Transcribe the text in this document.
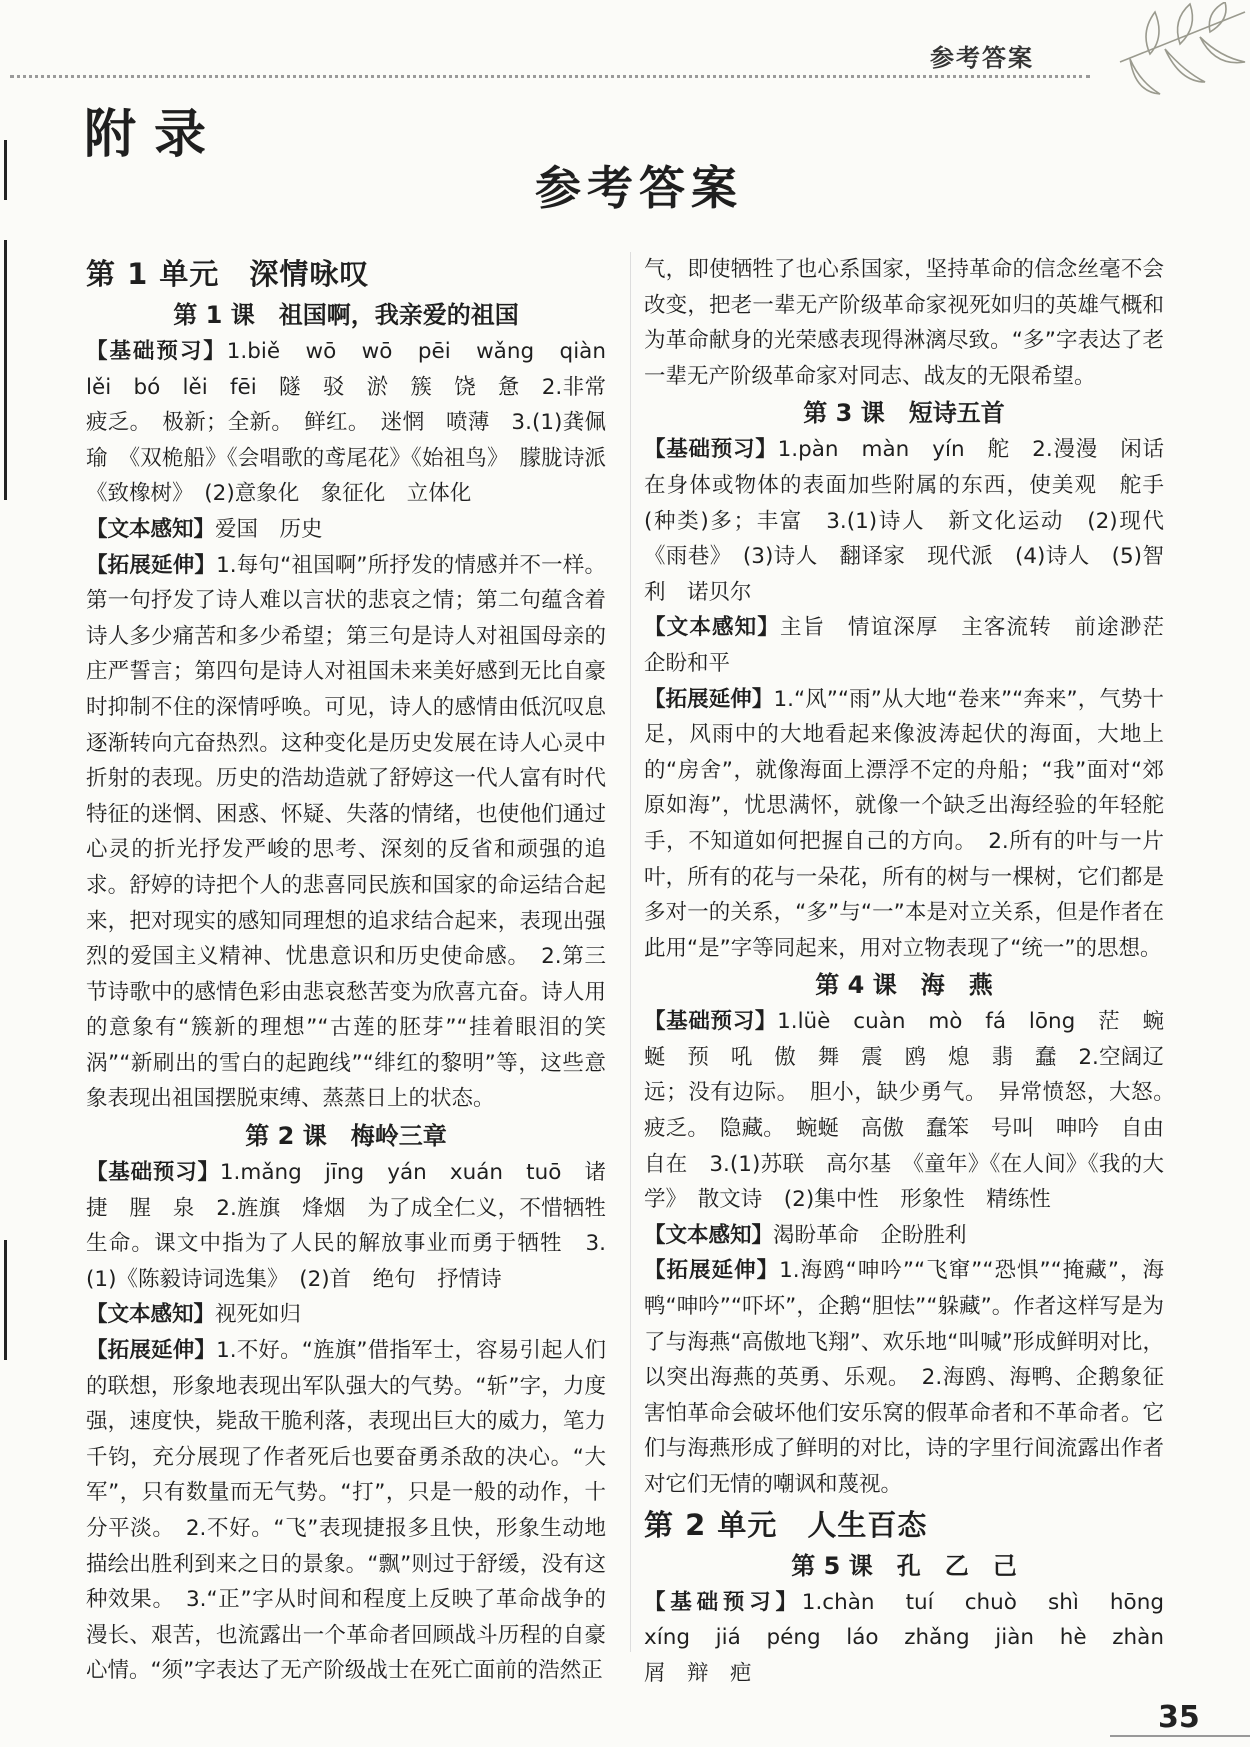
参考答案
附录
参考答案
第 1 单元　深情咏叹
第 1 课　祖国啊，我亲爱的祖国

【基础预习】1.biě　wō　wō　pēi　wǎng　qiàn　lěi　bó　lěi　fēi　隧　驳　淤　簇　饶　惫　2.非常疲乏。　极新；全新。　鲜红。　迷惘　喷薄　3.(1)龚佩瑜　《双桅船》《会唱歌的鸢尾花》《始祖鸟》　朦胧诗派　《致橡树》　(2)意象化　象征化　立体化

【文本感知】爱国　历史

【拓展延伸】1.每句“祖国啊”所抒发的情感并不一样。第一句抒发了诗人难以言状的悲哀之情；第二句蕴含着诗人多少痛苦和多少希望；第三句是诗人对祖国母亲的庄严誓言；第四句是诗人对祖国未来美好感到无比自豪时抑制不住的深情呼唤。可见，诗人的感情由低沉叹息逐渐转向亢奋热烈。这种变化是历史发展在诗人心灵中折射的表现。历史的浩劫造就了舒婷这一代人富有时代特征的迷惘、困惑、怀疑、失落的情绪，也使他们通过心灵的折光抒发严峻的思考、深刻的反省和顽强的追求。舒婷的诗把个人的悲喜同民族和国家的命运结合起来，把对现实的感知同理想的追求结合起来，表现出强烈的爱国主义精神、忧患意识和历史使命感。　2.第三节诗歌中的感情色彩由悲哀愁苦变为欣喜亢奋。诗人用的意象有“簇新的理想”“古莲的胚芽”“挂着眼泪的笑涡”“新刷出的雪白的起跑线”“绯红的黎明”等，这些意象表现出祖国摆脱束缚、蒸蒸日上的状态。

第 2 课　梅岭三章

【基础预习】1.mǎng　jīng　yán　xuán　tuō　诸　捷　腥　泉　2.旌旗　烽烟　为了成全仁义，不惜牺牲生命。课文中指为了人民的解放事业而勇于牺牲　3.(1)《陈毅诗词选集》　(2)首　绝句　抒情诗

【文本感知】视死如归

【拓展延伸】1.不好。“旌旗”借指军士，容易引起人们的联想，形象地表现出军队强大的气势。“斩”字，力度强，速度快，毙敌干脆利落，表现出巨大的威力，笔力千钧，充分展现了作者死后也要奋勇杀敌的决心。“大军”，只有数量而无气势。“打”，只是一般的动作，十分平淡。　2.不好。“飞”表现捷报多且快，形象生动地描绘出胜利到来之日的景象。“飘”则过于舒缓，没有这种效果。　3.“正”字从时间和程度上反映了革命战争的漫长、艰苦，也流露出一个革命者回顾战斗历程的自豪心情。“须”字表达了无产阶级战士在死亡面前的浩然正

气，即使牺牲了也心系国家，坚持革命的信念丝毫不会改变，把老一辈无产阶级革命家视死如归的英雄气概和为革命献身的光荣感表现得淋漓尽致。“多”字表达了老一辈无产阶级革命家对同志、战友的无限希望。

第 3 课　短诗五首

【基础预习】1.pàn　màn　yín　舵　2.漫漫　闲话　在身体或物体的表面加些附属的东西，使美观　舵手　(种类)多；丰富　3.(1)诗人　新文化运动　(2)现代《雨巷》　(3)诗人　翻译家　现代派　(4)诗人　(5)智利　诺贝尔

【文本感知】主旨　情谊深厚　主客流转　前途渺茫　企盼和平

【拓展延伸】1.“风”“雨”从大地“卷来”“奔来”，气势十足，风雨中的大地看起来像波涛起伏的海面，大地上的“房舍”，就像海面上漂浮不定的舟船；“我”面对“郊原如海”，忧思满怀，就像一个缺乏出海经验的年轻舵手，不知道如何把握自己的方向。　2.所有的叶与一片叶，所有的花与一朵花，所有的树与一棵树，它们都是多对一的关系，“多”与“一”本是对立关系，但是作者在此用“是”字等同起来，用对立物表现了“统一”的思想。

第 4 课　海　燕

【基础预习】1.lüè　cuàn　mò　fá　lōng　茫　蜿蜒　预　吼　傲　舞　震　鸥　熄　翡　蠢　2.空阔辽远；没有边际。　胆小，缺少勇气。　异常愤怒，大怒。　疲乏。　隐藏。　蜿蜒　高傲　蠢笨　号叫　呻吟　自由自在　3.(1)苏联　高尔基　《童年》《在人间》《我的大学》　散文诗　(2)集中性　形象性　精练性

【文本感知】渴盼革命　企盼胜利

【拓展延伸】1.海鸥“呻吟”“飞窜”“恐惧”“掩藏”，海鸭“呻吟”“吓坏”，企鹅“胆怯”“躲藏”。作者这样写是为了与海燕“高傲地飞翔”、欢乐地“叫喊”形成鲜明对比，以突出海燕的英勇、乐观。　2.海鸥、海鸭、企鹅象征害怕革命会破坏他们安乐窝的假革命者和不革命者。它们与海燕形成了鲜明的对比，诗的字里行间流露出作者对它们无情的嘲讽和蔑视。

第 2 单元　人生百态
第 5 课　孔　乙　己

【基础预习】1.chàn　tuí　chuò　shì　hōng　xíng　jiá　péng　láo　zhǎng　jiàn　hè　zhàn　屑　辩　疤

35
